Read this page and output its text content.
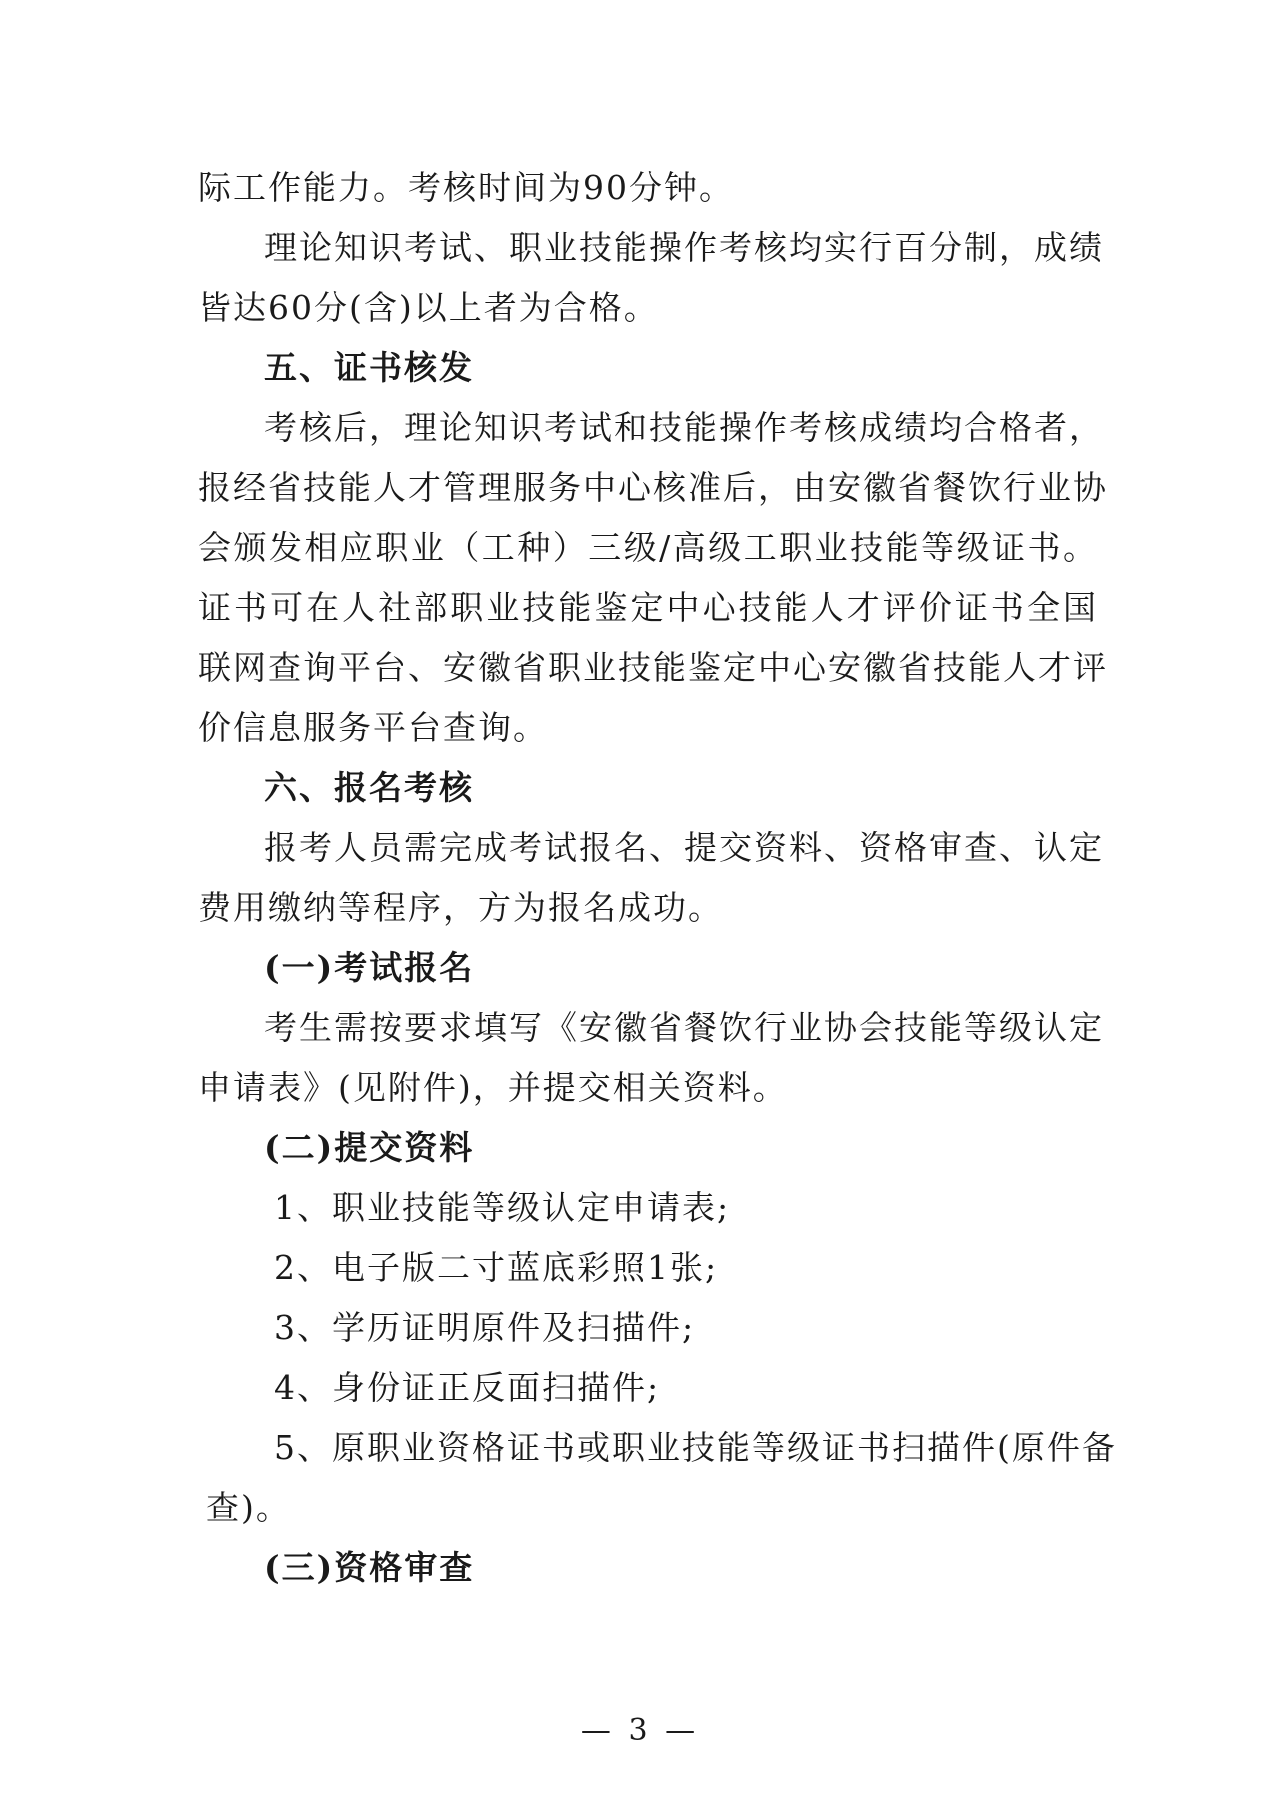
际工作能力。考核时间为90分钟。
理论知识考试、职业技能操作考核均实行百分制，成绩
皆达60分(含)以上者为合格。
五、证书核发
考核后，理论知识考试和技能操作考核成绩均合格者，
报经省技能人才管理服务中心核准后，由安徽省餐饮行业协
会颁发相应职业（工种）三级/高级工职业技能等级证书。
证书可在人社部职业技能鉴定中心技能人才评价证书全国
联网查询平台、安徽省职业技能鉴定中心安徽省技能人才评
价信息服务平台查询。
六、报名考核
报考人员需完成考试报名、提交资料、资格审查、认定
费用缴纳等程序，方为报名成功。
(一)考试报名
考生需按要求填写《安徽省餐饮行业协会技能等级认定
申请表》(见附件)，并提交相关资料。
(二)提交资料
1、职业技能等级认定申请表;
2、电子版二寸蓝底彩照1张;
3、学历证明原件及扫描件;
4、身份证正反面扫描件;
5、原职业资格证书或职业技能等级证书扫描件(原件备
查)。
(三)资格审查
— 3 —
